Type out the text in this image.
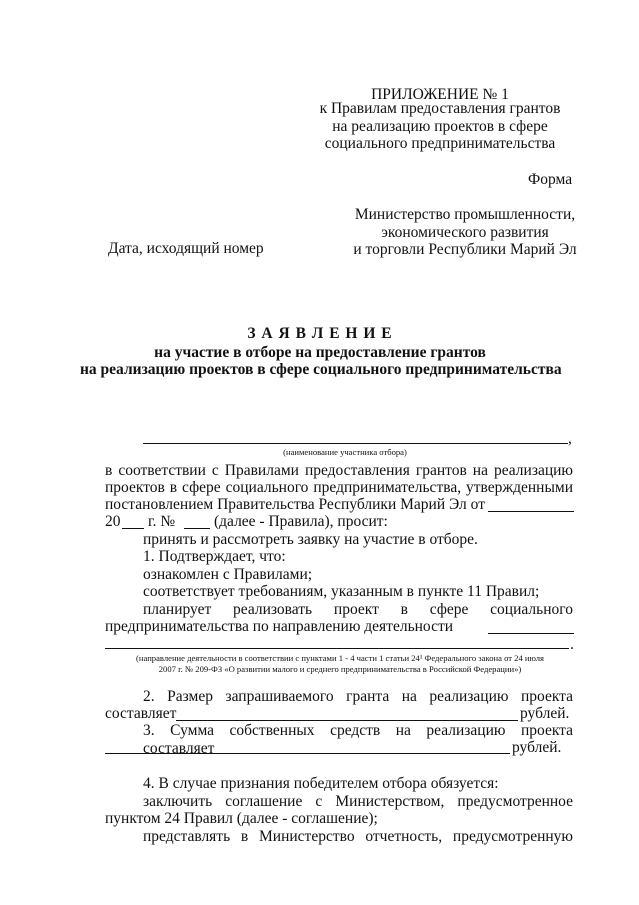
ПРИЛОЖЕНИЕ № 1
к Правилам предоставления грантов
на реализацию проектов в сфере
социального предпринимательства
Форма
Министерство промышленности,
экономического развития
и торговли Республики Марий Эл
Дата, исходящий номер
З А Я В Л Е Н И Е
на участие в отборе на предоставление грантов
на реализацию проектов в сфере социального предпринимательства
,
(наименование участника отбора)
в соответствии с Правилами предоставления грантов на реализацию
проектов в сфере социального предпринимательства, утвержденными
постановлением Правительства Республики Марий Эл от
20 г. №	(далее - Правила), просит:
принять и рассмотреть заявку на участие в отборе.
1. Подтверждает, что:
ознакомлен с Правилами;
соответствует требованиям, указанным в пункте 11 Правил;
планирует реализовать проект в сфере социального
предпринимательства по направлению деятельности
.
(направление деятельности в соответствии с пунктами 1 - 4 части 1 статьи 24¹ Федерального закона от 24 июля
2007 г. № 209-ФЗ «О развитии малого и среднего предпринимательства в Российской Федерации»)
2. Размер запрашиваемого гранта на реализацию проекта
составляет	рублей.
3. Сумма собственных средств на реализацию проекта составляет	рублей.
4. В случае признания победителем отбора обязуется:
заключить соглашение с Министерством, предусмотренное
пунктом 24 Правил (далее - соглашение);
представлять в Министерство отчетность, предусмотренную
